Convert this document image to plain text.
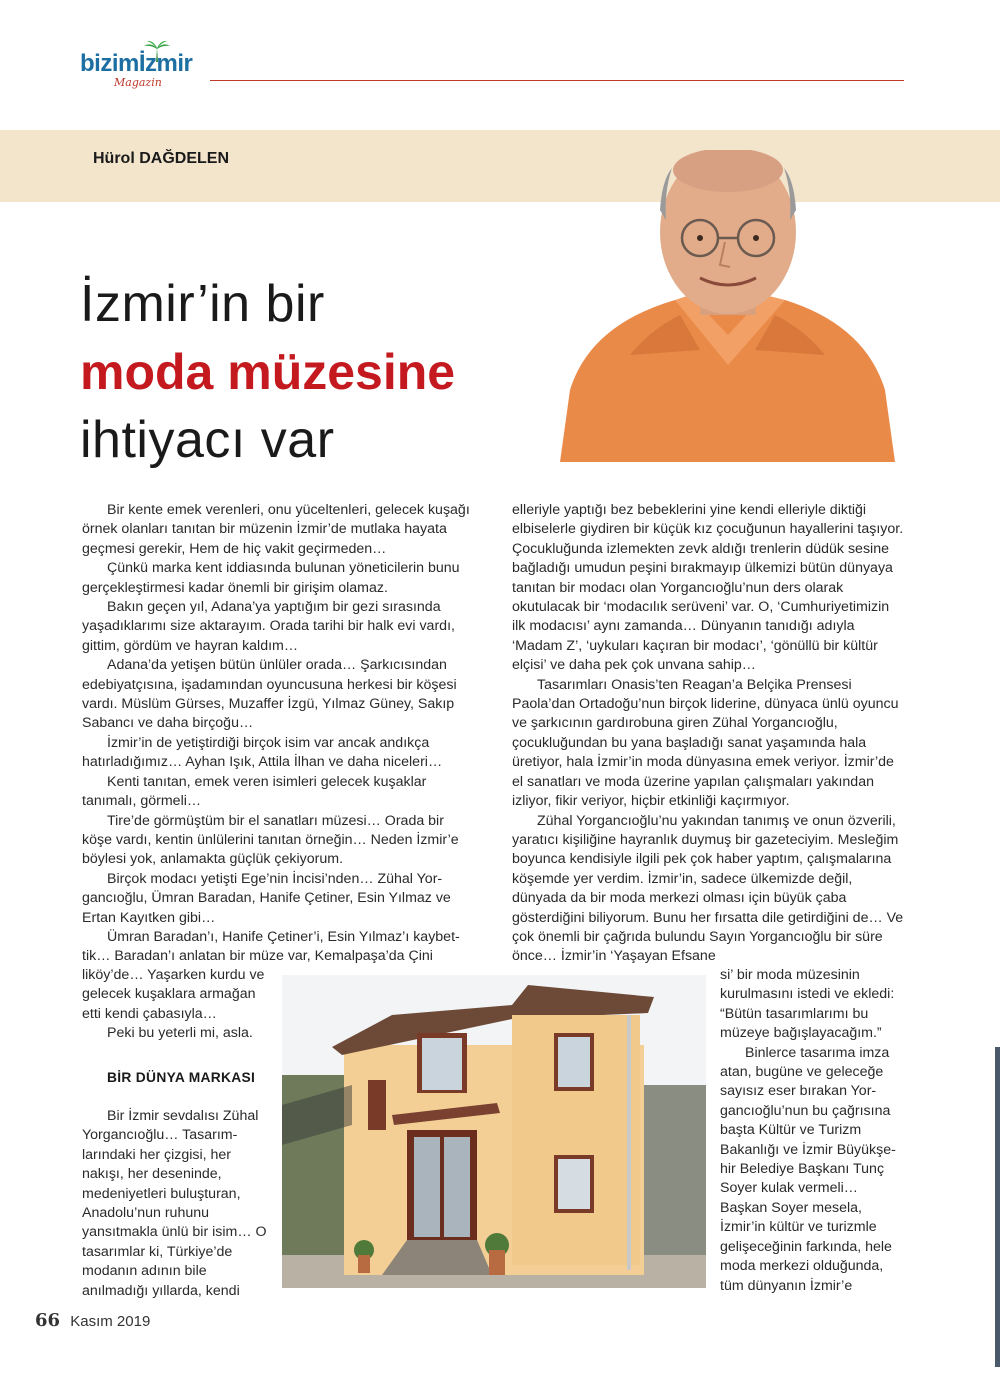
bizimİzmir
Magazin
Hürol DAĞDELEN
İzmir’in bir
moda müzesine
ihtiyacı var

Bir kente emek verenleri, onu yüceltenleri, gelecek kuşağı örnek olanları tanıtan bir müzenin İzmir’de mutlaka hayata geçmesi gerekir, Hem de hiç vakit geçirmeden…

Çünkü marka kent iddiasında bulunan yöneticilerin bunu gerçekleştirmesi kadar önemli bir girişim olamaz.

Bakın geçen yıl, Adana’ya yaptığım bir gezi sırasında yaşadıklarımı size aktarayım. Orada tarihi bir halk evi vardı, gittim, gördüm ve hayran kaldım…

Adana’da yetişen bütün ünlüler orada… Şarkıcısından edebiyatçısına, işadamından oyuncusuna herkesi bir köşesi vardı. Müslüm Gürses, Muzaffer İzgü, Yılmaz Güney, Sakıp Sabancı ve daha birçoğu…

İzmir’in de yetiştirdiği birçok isim var ancak andıkça hatırladığımız… Ayhan Işık, Attila İlhan ve daha niceleri…

Kenti tanıtan, emek veren isimleri gelecek kuşaklar tanımalı, görmeli…

Tire’de görmüştüm bir el sanatları müzesi… Orada bir köşe vardı, kentin ünlülerini tanıtan örneğin… Neden İzmir’e böylesi yok, anlamakta güçlük çekiyorum.

Birçok modacı yetişti Ege’nin İncisi’nden… Zühal Yorgancıoğlu, Ümran Baradan, Hanife Çetiner, Esin Yılmaz ve Ertan Kayıtken gibi…

Ümran Baradan’ı, Hanife Çetiner’i, Esin Yılmaz’ı kaybettik… Baradan’ı anlatan bir müze var, Kemalpaşa’da Çini

liköy’de… Yaşarken kurdu ve gelecek kuşaklara armağan etti kendi çabasıyla…

Peki bu yeterli mi, asla.

BİR DÜNYA MARKASI

Bir İzmir sevdalısı Zühal Yorgancıoğlu… Tasarımlarındaki her çizgisi, her nakışı, her deseninde, medeniyetleri buluşturan, Anadolu’nun ruhunu yansıtmakla ünlü bir isim… O tasarımlar ki, Türkiye’de modanın adının bile anılmadığı yıllarda, kendi

elleriyle yaptığı bez bebeklerini yine kendi elleriyle diktiği elbiselerle giydiren bir küçük kız çocuğunun hayallerini taşıyor. Çocukluğunda izlemekten zevk aldığı trenlerin düdük sesine bağladığı umudun peşini bırakmayıp ülkemizi bütün dünyaya tanıtan bir modacı olan Yorgancıoğlu’nun ders olarak okutulacak bir ‘modacılık serüveni’ var. O, ‘Cumhuriyetimizin ilk modacısı’ aynı zamanda… Dünyanın tanıdığı adıyla ‘Madam Z’, ‘uykuları kaçıran bir modacı’, ‘gönüllü bir kültür elçisi’ ve daha pek çok unvana sahip…

Tasarımları Onasis’ten Reagan’a Belçika Prensesi Paola’dan Ortadoğu’nun birçok liderine, dünyaca ünlü oyuncu ve şarkıcının gardırobuna giren Zühal Yorgancıoğlu, çocukluğundan bu yana başladığı sanat yaşamında hala üretiyor, hala İzmir’in moda dünyasına emek veriyor. İzmir’de el sanatları ve moda üzerine yapılan çalışmaları yakından izliyor, fikir veriyor, hiçbir etkinliği kaçırmıyor.

Zühal Yorgancıoğlu’nu yakından tanımış ve onun özverili, yaratıcı kişiliğine hayranlık duymuş bir gazeteciyim. Mesleğim boyunca kendisiyle ilgili pek çok haber yaptım, çalışmalarına köşemde yer verdim. İzmir’in, sadece ülkemizde değil, dünyada da bir moda merkezi olması için büyük çaba gösterdiğini biliyorum. Bunu her fırsatta dile getirdiğini de… Ve çok önemli bir çağrıda bulundu Sayın Yorgancıoğlu bir süre önce… İzmir’in ‘Yaşayan Efsane

si’ bir moda müzesinin kurulmasını istedi ve ekledi: “Bütün tasarımlarımı bu müzeye bağışlayacağım.”

Binlerce tasarıma imza atan, bugüne ve geleceğe sayısız eser bırakan Yorgancıoğlu’nun bu çağrısına başta Kültür ve Turizm Bakanlığı ve İzmir Büyükşehir Belediye Başkanı Tunç Soyer kulak vermeli…

Başkan Soyer mesela, İzmir’in kültür ve turizmle gelişeceğinin farkında, hele moda merkezi olduğunda, tüm dünyanın İzmir’e

66 Kasım 2019
